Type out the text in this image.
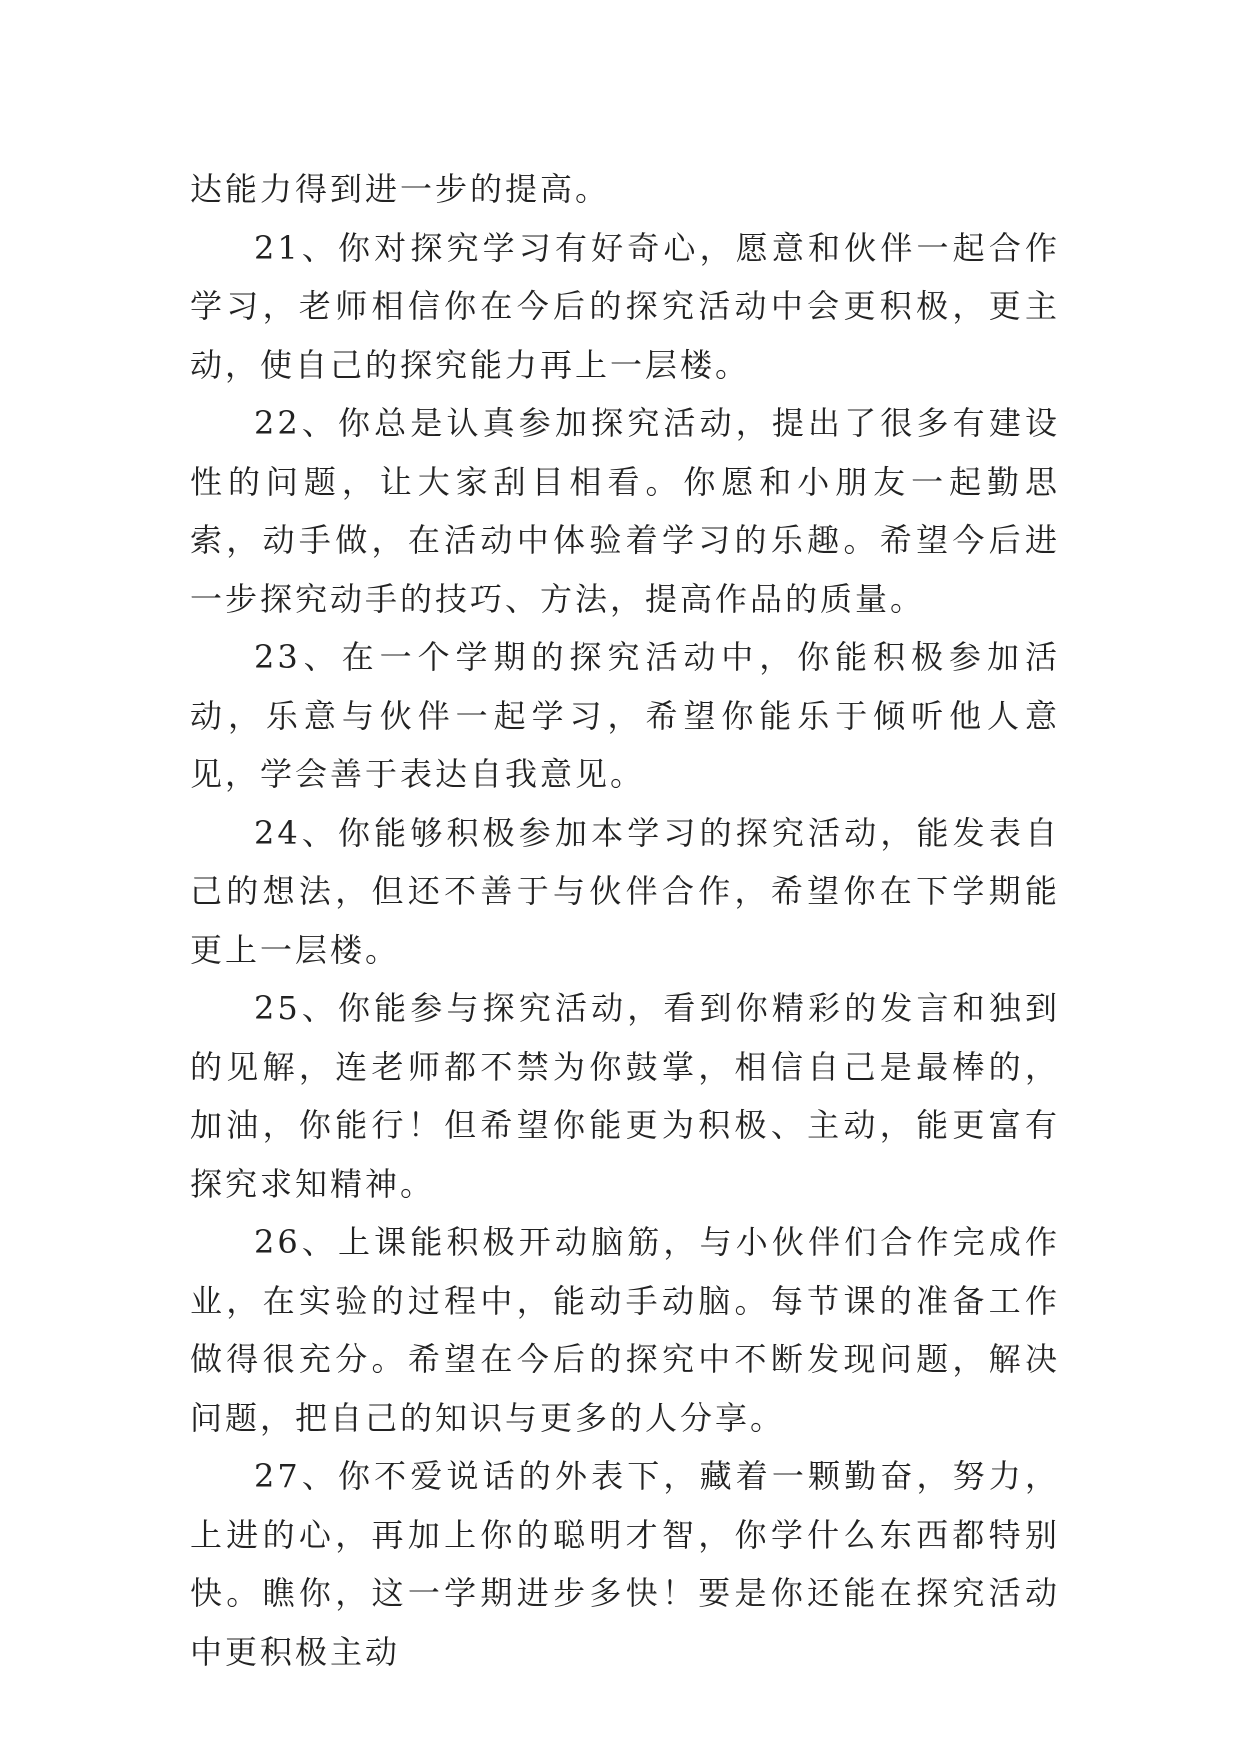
达能力得到进一步的提高。

21、你对探究学习有好奇心，愿意和伙伴一起合作学习，老师相信你在今后的探究活动中会更积极，更主动，使自己的探究能力再上一层楼。

22、你总是认真参加探究活动，提出了很多有建设性的问题，让大家刮目相看。你愿和小朋友一起勤思索，动手做，在活动中体验着学习的乐趣。希望今后进一步探究动手的技巧、方法，提高作品的质量。

23、在一个学期的探究活动中，你能积极参加活动，乐意与伙伴一起学习，希望你能乐于倾听他人意见，学会善于表达自我意见。

24、你能够积极参加本学习的探究活动，能发表自己的想法，但还不善于与伙伴合作，希望你在下学期能更上一层楼。

25、你能参与探究活动，看到你精彩的发言和独到的见解，连老师都不禁为你鼓掌，相信自己是最棒的，加油，你能行！但希望你能更为积极、主动，能更富有探究求知精神。

26、上课能积极开动脑筋，与小伙伴们合作完成作业，在实验的过程中，能动手动脑。每节课的准备工作做得很充分。希望在今后的探究中不断发现问题，解决问题，把自己的知识与更多的人分享。

27、你不爱说话的外表下，藏着一颗勤奋，努力，上进的心，再加上你的聪明才智，你学什么东西都特别快。瞧你，这一学期进步多快！要是你还能在探究活动中更积极主动
